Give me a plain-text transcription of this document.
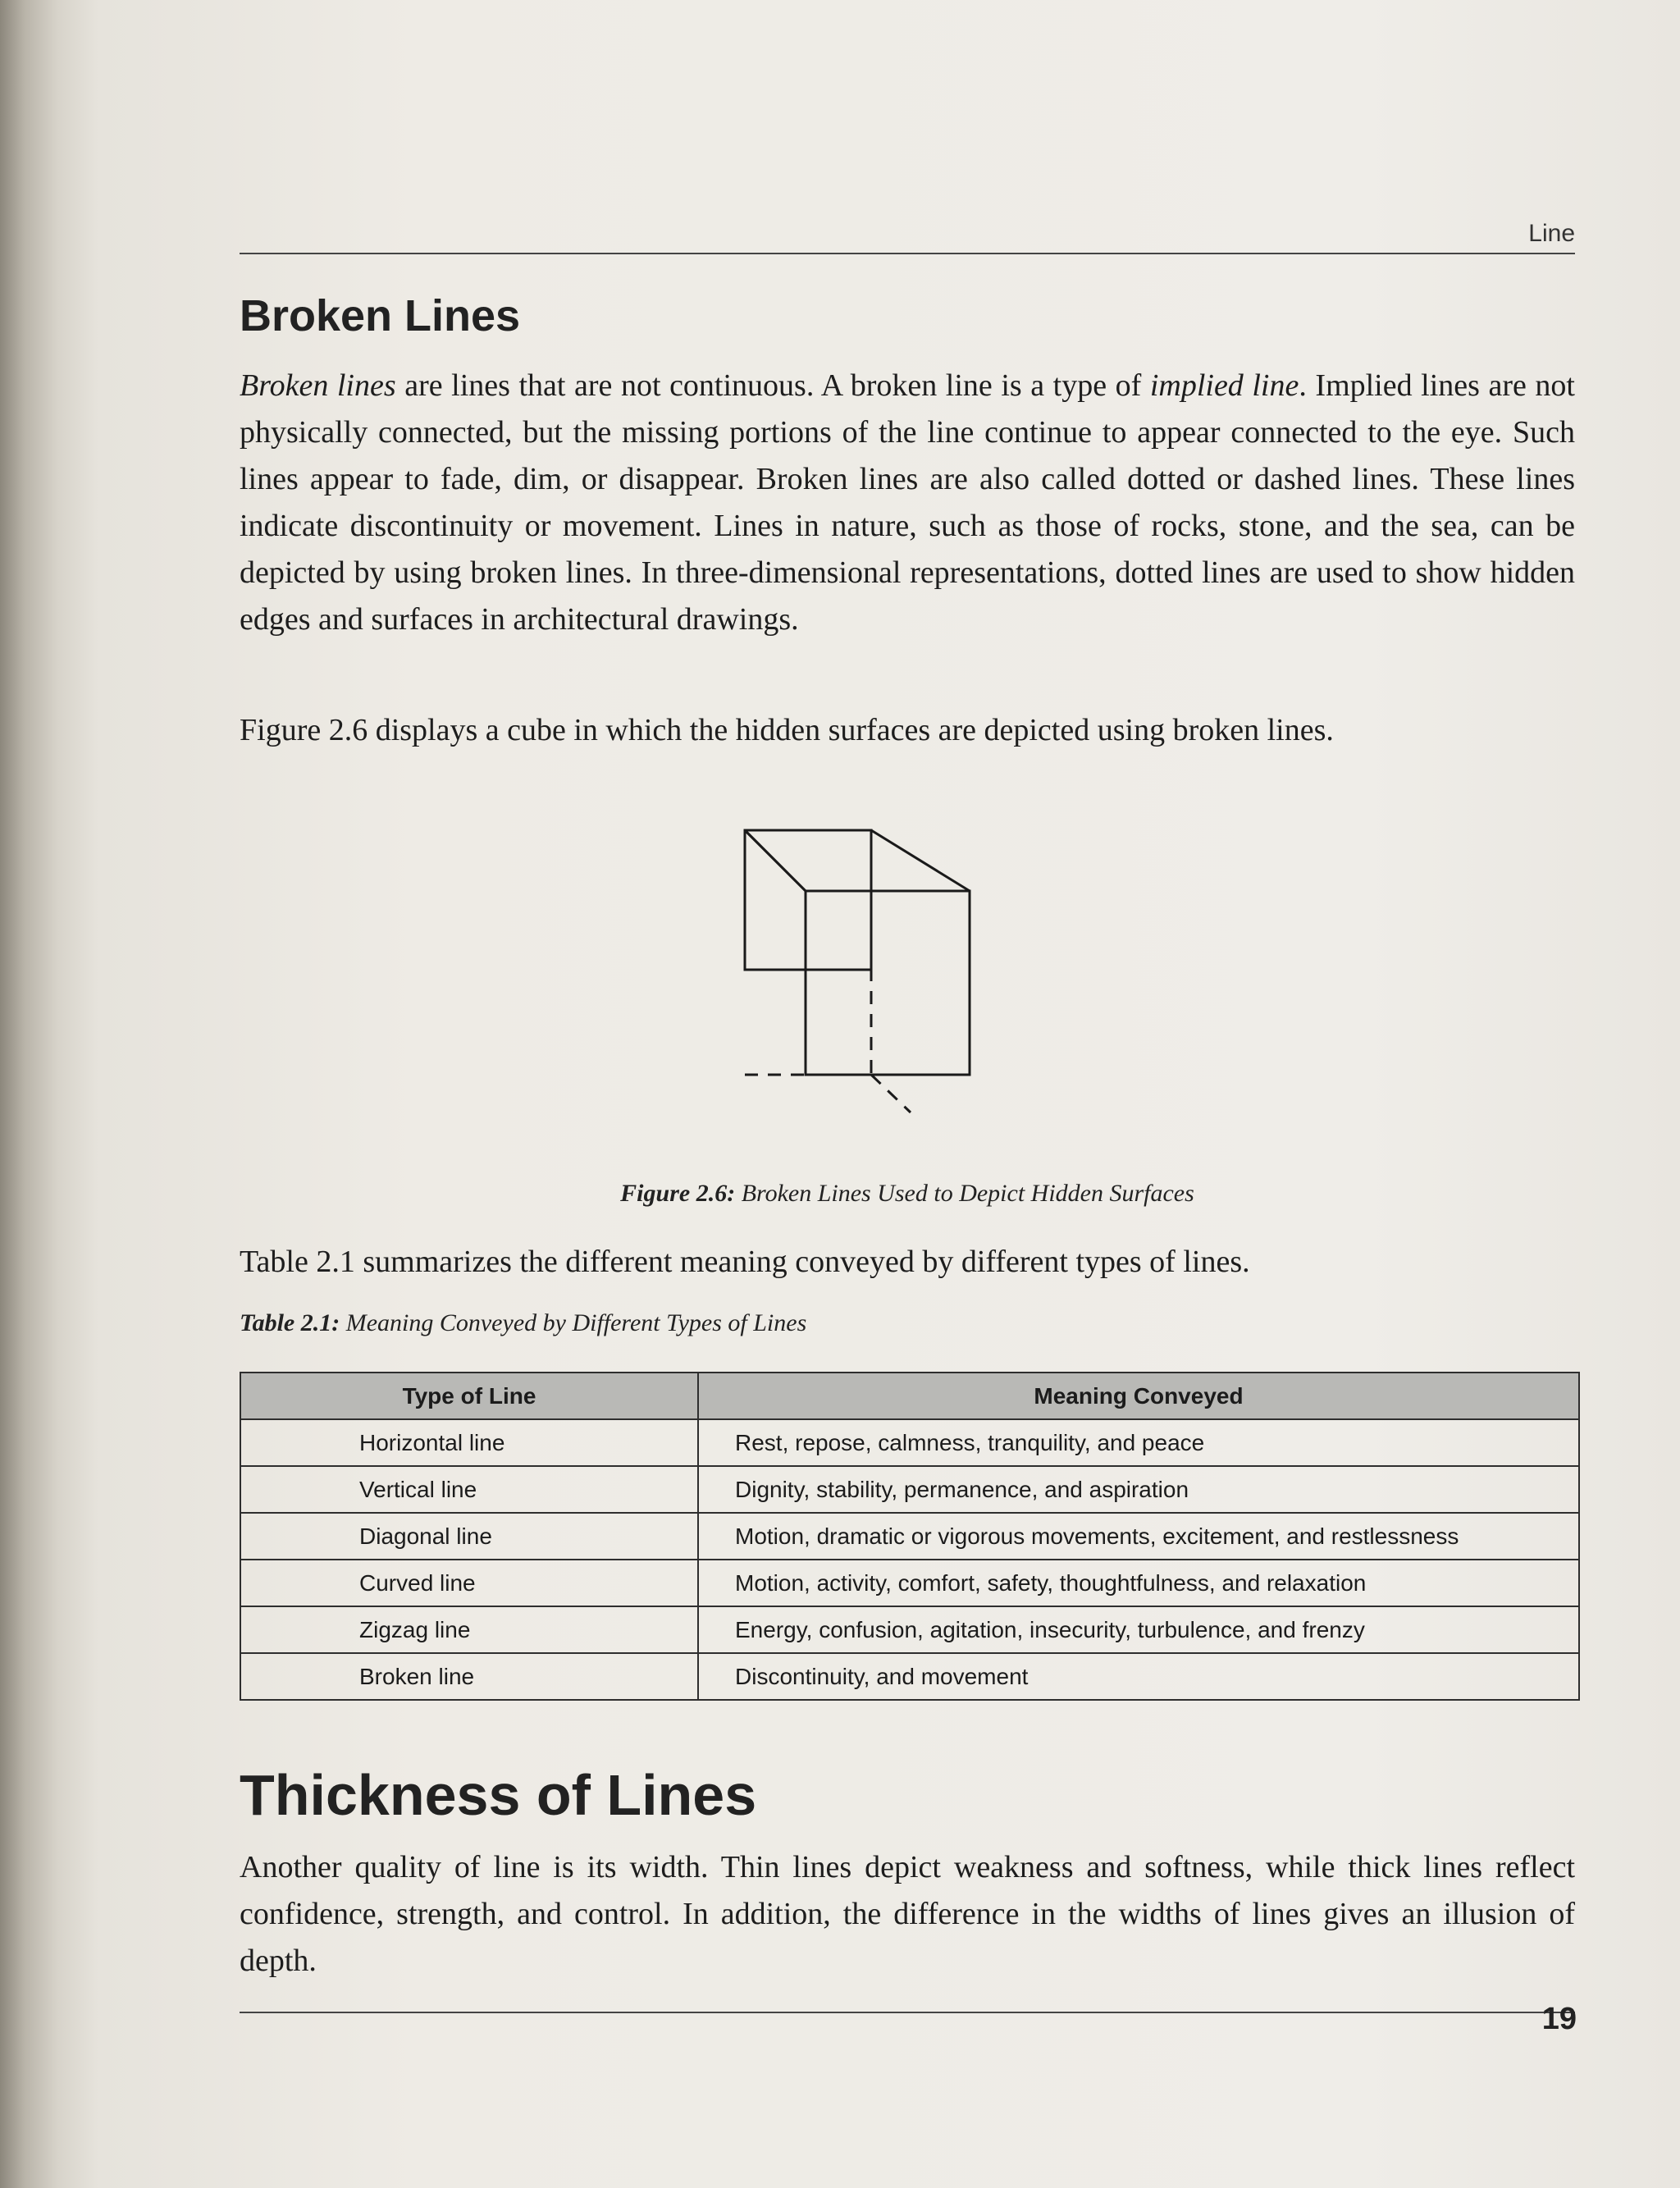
Line
Broken Lines

Broken lines are lines that are not continuous. A broken line is a type of implied line. Implied lines are not physically connected, but the missing portions of the line continue to appear connected to the eye. Such lines appear to fade, dim, or disappear. Broken lines are also called dotted or dashed lines. These lines indicate discontinuity or movement. Lines in nature, such as those of rocks, stone, and the sea, can be depicted by using broken lines. In three-dimensional representations, dotted lines are used to show hidden edges and surfaces in architectural drawings.

Figure 2.6 displays a cube in which the hidden surfaces are depicted using broken lines.

Figure 2.6: Broken Lines Used to Depict Hidden Surfaces

Table 2.1 summarizes the different meaning conveyed by different types of lines.

Table 2.1: Meaning Conveyed by Different Types of Lines
Type of Line	Meaning Conveyed
Horizontal line	Rest, repose, calmness, tranquility, and peace
Vertical line	Dignity, stability, permanence, and aspiration
Diagonal line	Motion, dramatic or vigorous movements, excitement, and restlessness
Curved line	Motion, activity, comfort, safety, thoughtfulness, and relaxation
Zigzag line	Energy, confusion, agitation, insecurity, turbulence, and frenzy
Broken line	Discontinuity, and movement
Thickness of Lines

Another quality of line is its width. Thin lines depict weakness and softness, while thick lines reflect confidence, strength, and control. In addition, the difference in the widths of lines gives an illusion of depth.

19
